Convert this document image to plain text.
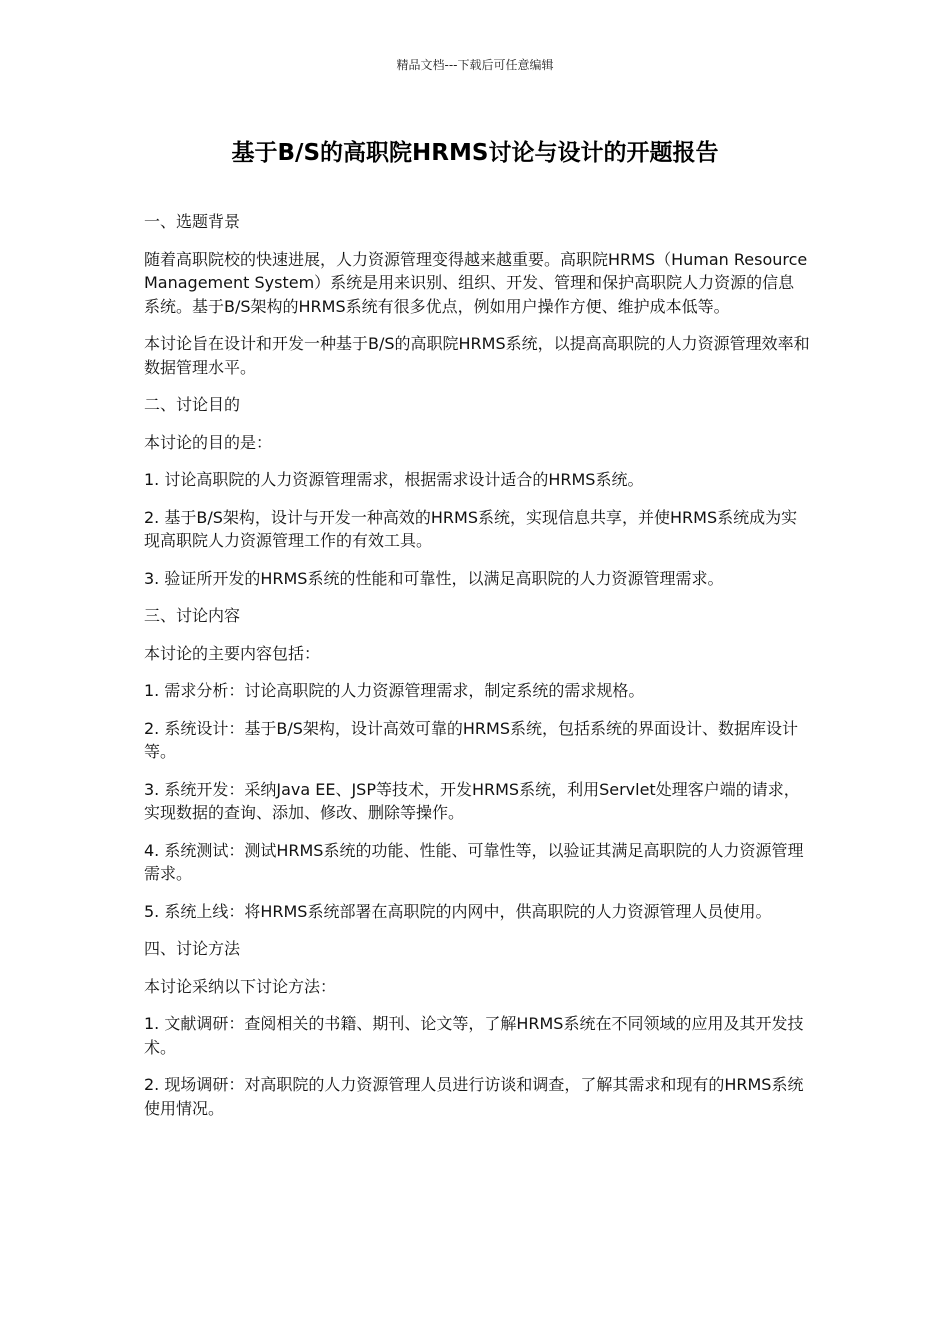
精品文档---下载后可任意编辑
基于B/S的高职院HRMS讨论与设计的开题报告

一、选题背景

随着高职院校的快速进展，人力资源管理变得越来越重要。高职院HRMS（Human Resource Management System）系统是用来识别、组织、开发、管理和保护高职院人力资源的信息系统。基于B/S架构的HRMS系统有很多优点，例如用户操作方便、维护成本低等。

本讨论旨在设计和开发一种基于B/S的高职院HRMS系统，以提高高职院的人力资源管理效率和数据管理水平。

二、讨论目的

本讨论的目的是：

1. 讨论高职院的人力资源管理需求，根据需求设计适合的HRMS系统。

2. 基于B/S架构，设计与开发一种高效的HRMS系统，实现信息共享，并使HRMS系统成为实现高职院人力资源管理工作的有效工具。

3. 验证所开发的HRMS系统的性能和可靠性，以满足高职院的人力资源管理需求。

三、讨论内容

本讨论的主要内容包括：

1. 需求分析：讨论高职院的人力资源管理需求，制定系统的需求规格。

2. 系统设计：基于B/S架构，设计高效可靠的HRMS系统，包括系统的界面设计、数据库设计等。

3. 系统开发：采纳Java EE、JSP等技术，开发HRMS系统，利用Servlet处理客户端的请求，实现数据的查询、添加、修改、删除等操作。

4. 系统测试：测试HRMS系统的功能、性能、可靠性等，以验证其满足高职院的人力资源管理需求。

5. 系统上线：将HRMS系统部署在高职院的内网中，供高职院的人力资源管理人员使用。

四、讨论方法

本讨论采纳以下讨论方法：

1. 文献调研：查阅相关的书籍、期刊、论文等，了解HRMS系统在不同领域的应用及其开发技术。

2. 现场调研：对高职院的人力资源管理人员进行访谈和调查，了解其需求和现有的HRMS系统使用情况。
